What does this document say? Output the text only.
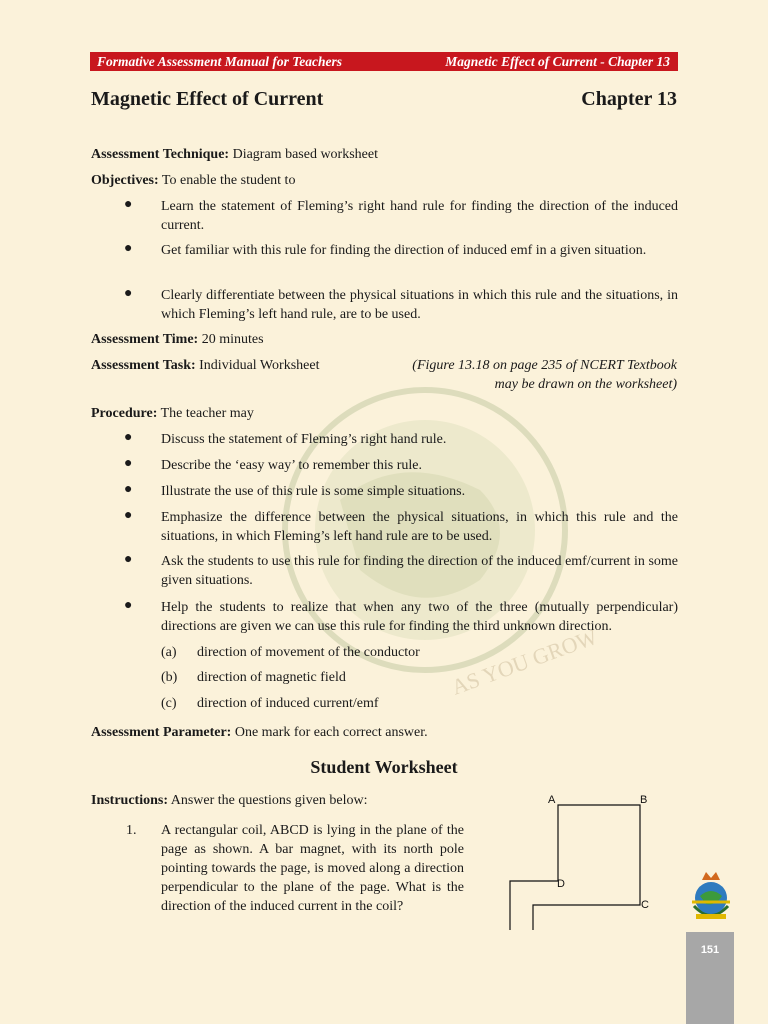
AS YOU GROW
Formative Assessment Manual for Teachers	Magnetic Effect of Current - Chapter 13
Magnetic Effect of Current	Chapter 13
Assessment Technique: Diagram based worksheet
Objectives: To enable the student to
●	Learn the statement of Fleming’s right hand rule for finding the direction of the induced current.
●	Get familiar with this rule for finding the direction of induced emf in a given situation.
●	Clearly differentiate between the physical situations in which this rule and the situations, in which Fleming’s left hand rule, are to be used.
Assessment Time: 20 minutes
Assessment Task: Individual Worksheet	(Figure 13.18 on page 235 of NCERT Textbook
may be drawn on the worksheet)
Procedure: The teacher may
●	Discuss the statement of Fleming’s right hand rule.
●	Describe the ‘easy way’ to remember this rule.
●	Illustrate the use of this rule is some simple situations.
●	Emphasize the difference between the physical situations, in which this rule and the situations, in which Fleming’s left hand rule are to be used.
●	Ask the students to use this rule for finding the direction of the induced emf/current in some given situations.
●	Help the students to realize that when any two of the three (mutually perpendicular) directions are given we can use this rule for finding the third unknown direction.
(a) direction of movement of the conductor
(b) direction of magnetic field
(c) direction of induced current/emf
Assessment Parameter: One mark for each correct answer.
Student Worksheet
Instructions: Answer the questions given below:
1. A rectangular coil, ABCD is lying in the plane of the page as shown. A bar magnet, with its north pole pointing towards the page, is moved along a direction perpendicular to the plane of the page. What is the direction of the induced current in the coil?
A	B
C
D
151
